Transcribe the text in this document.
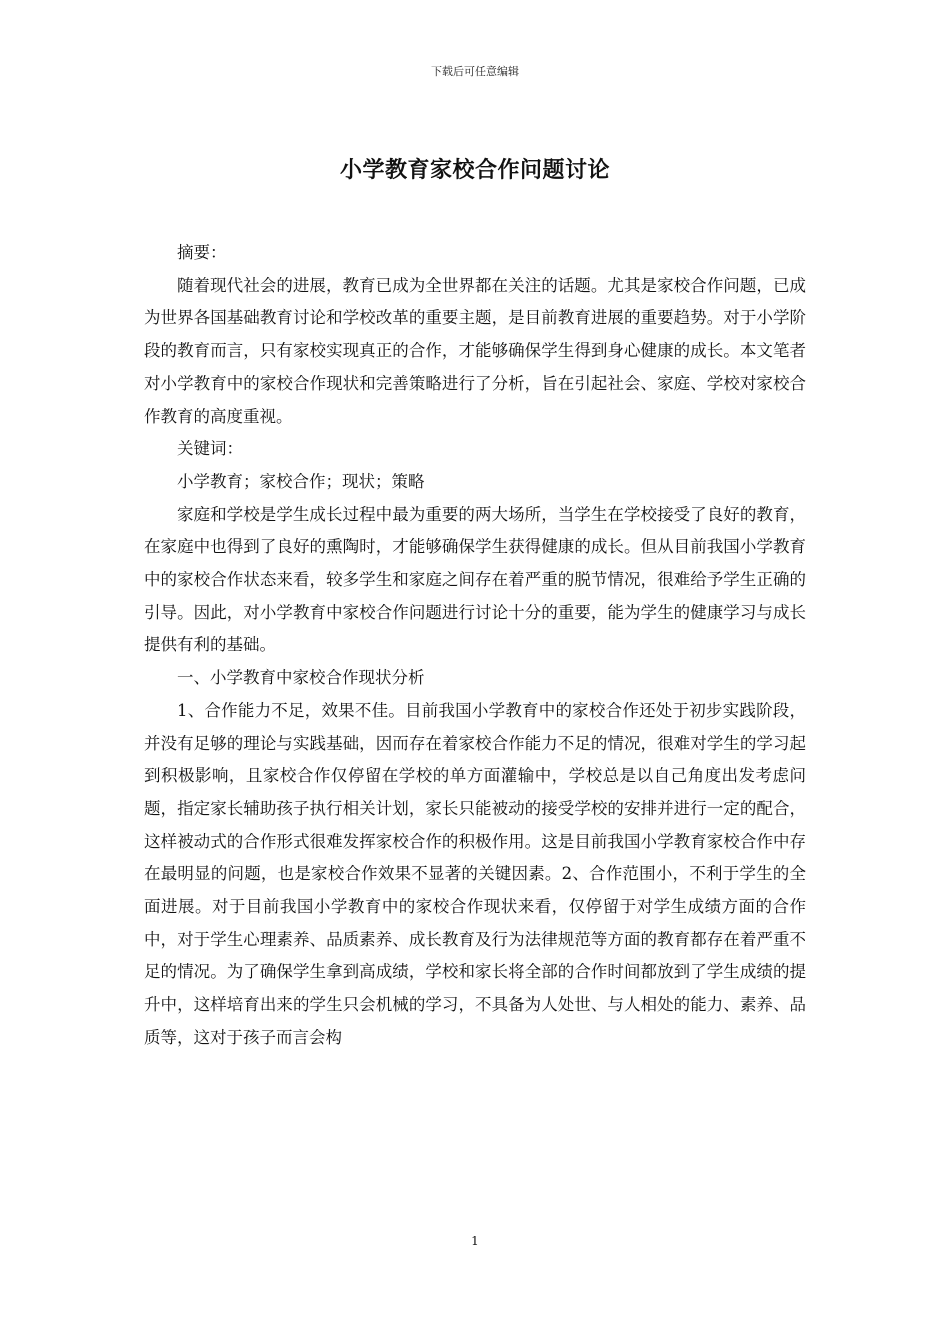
下载后可任意编辑
小学教育家校合作问题讨论

摘要：

随着现代社会的进展，教育已成为全世界都在关注的话题。尤其是家校合作问题，已成为世界各国基础教育讨论和学校改革的重要主题，是目前教育进展的重要趋势。对于小学阶段的教育而言，只有家校实现真正的合作，才能够确保学生得到身心健康的成长。本文笔者对小学教育中的家校合作现状和完善策略进行了分析，旨在引起社会、家庭、学校对家校合作教育的高度重视。

关键词：

小学教育；家校合作；现状；策略

家庭和学校是学生成长过程中最为重要的两大场所，当学生在学校接受了良好的教育，在家庭中也得到了良好的熏陶时，才能够确保学生获得健康的成长。但从目前我国小学教育中的家校合作状态来看，较多学生和家庭之间存在着严重的脱节情况，很难给予学生正确的引导。因此，对小学教育中家校合作问题进行讨论十分的重要，能为学生的健康学习与成长提供有利的基础。

一、小学教育中家校合作现状分析

1、合作能力不足，效果不佳。目前我国小学教育中的家校合作还处于初步实践阶段，并没有足够的理论与实践基础，因而存在着家校合作能力不足的情况，很难对学生的学习起到积极影响，且家校合作仅停留在学校的单方面灌输中，学校总是以自己角度出发考虑问题，指定家长辅助孩子执行相关计划，家长只能被动的接受学校的安排并进行一定的配合，这样被动式的合作形式很难发挥家校合作的积极作用。这是目前我国小学教育家校合作中存在最明显的问题，也是家校合作效果不显著的关键因素。2、合作范围小，不利于学生的全面进展。对于目前我国小学教育中的家校合作现状来看，仅停留于对学生成绩方面的合作中，对于学生心理素养、品质素养、成长教育及行为法律规范等方面的教育都存在着严重不足的情况。为了确保学生拿到高成绩，学校和家长将全部的合作时间都放到了学生成绩的提升中，这样培育出来的学生只会机械的学习，不具备为人处世、与人相处的能力、素养、品质等，这对于孩子而言会构

1
